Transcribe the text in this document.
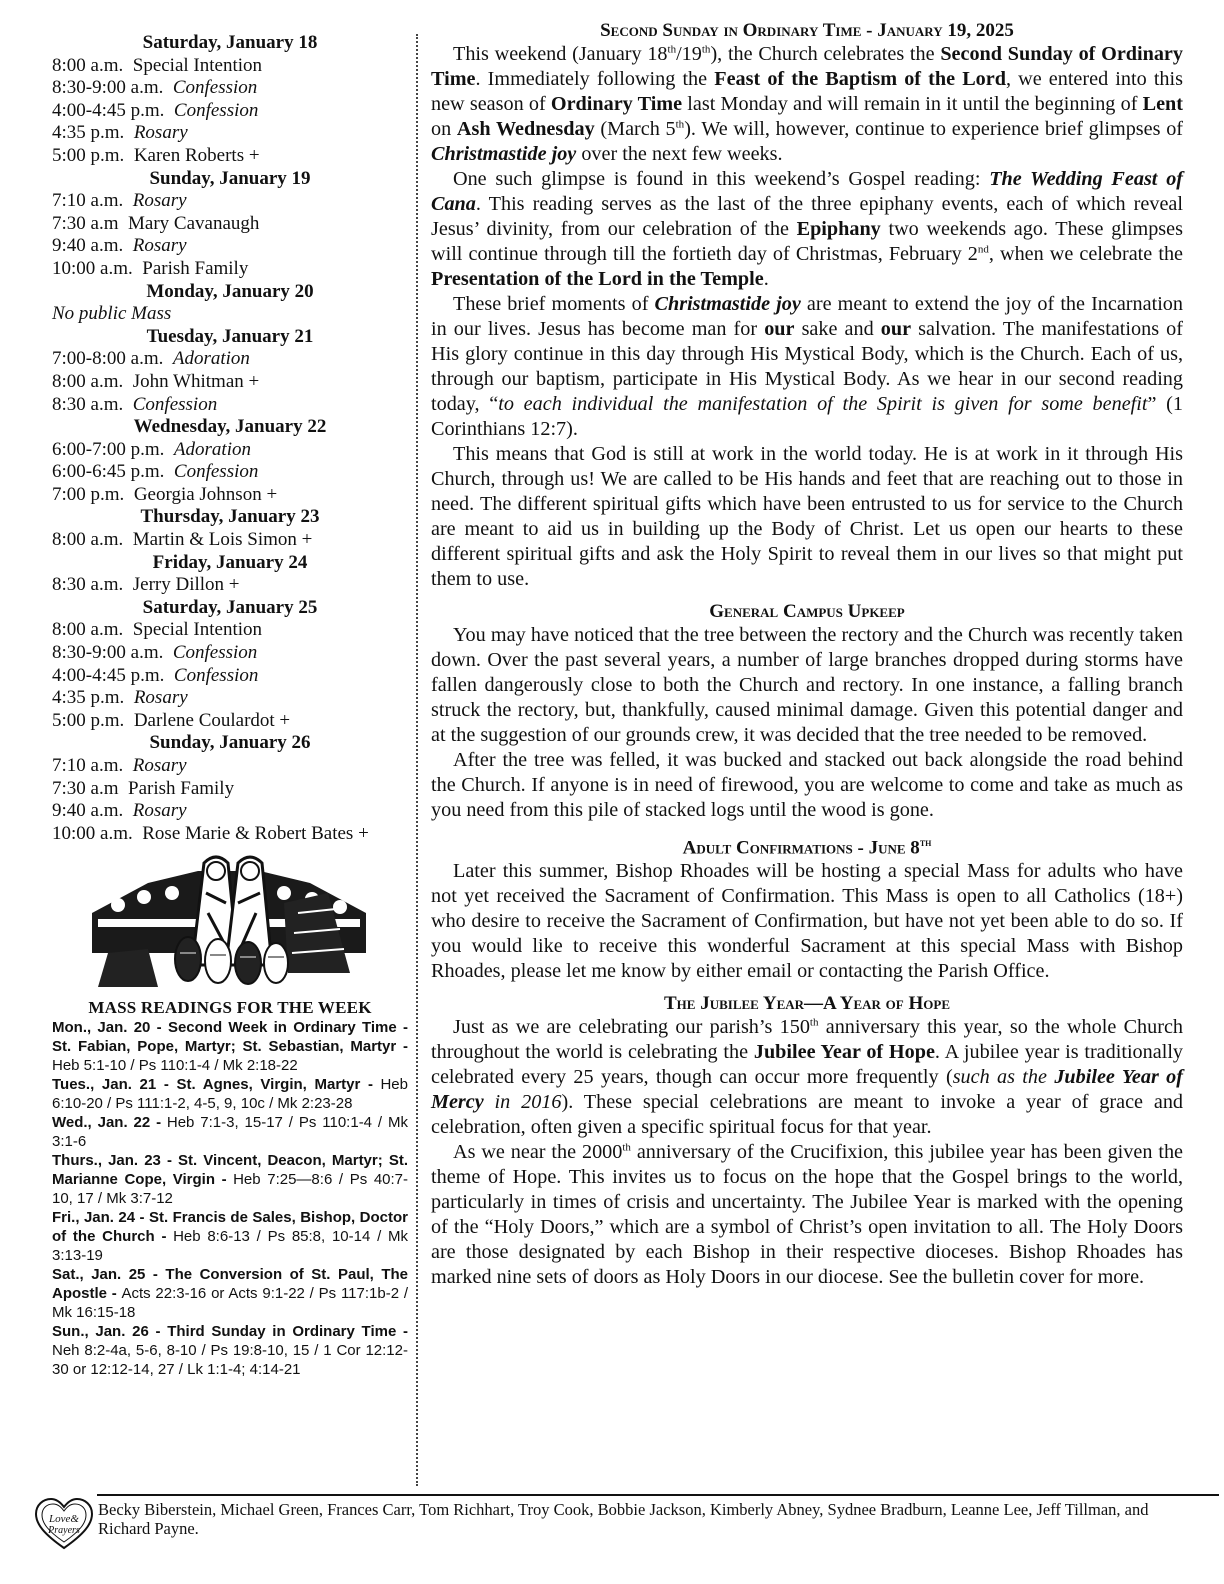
Saturday, January 18
8:00 a.m. Special Intention
8:30-9:00 a.m. Confession
4:00-4:45 p.m. Confession
4:35 p.m. Rosary
5:00 p.m. Karen Roberts +
Sunday, January 19
7:10 a.m. Rosary
7:30 a.m Mary Cavanaugh
9:40 a.m. Rosary
10:00 a.m. Parish Family
Monday, January 20
No public Mass
Tuesday, January 21
7:00-8:00 a.m. Adoration
8:00 a.m. John Whitman +
8:30 a.m. Confession
Wednesday, January 22
6:00-7:00 p.m. Adoration
6:00-6:45 p.m. Confession
7:00 p.m. Georgia Johnson +
Thursday, January 23
8:00 a.m. Martin & Lois Simon +
Friday, January 24
8:30 a.m. Jerry Dillon +
Saturday, January 25
8:00 a.m. Special Intention
8:30-9:00 a.m. Confession
4:00-4:45 p.m. Confession
4:35 p.m. Rosary
5:00 p.m. Darlene Coulardot +
Sunday, January 26
7:10 a.m. Rosary
7:30 a.m Parish Family
9:40 a.m. Rosary
10:00 a.m. Rose Marie & Robert Bates +
MASS READINGS FOR THE WEEK

Mon., Jan. 20 - Second Week in Ordinary Time - St. Fabian, Pope, Martyr; St. Sebastian, Martyr - Heb 5:1-10 / Ps 110:1-4 / Mk 2:18-22

Tues., Jan. 21 - St. Agnes, Virgin, Martyr - Heb 6:10-20 / Ps 111:1-2, 4-5, 9, 10c / Mk 2:23-28

Wed., Jan. 22 - Heb 7:1-3, 15-17 / Ps 110:1-4 / Mk 3:1-6

Thurs., Jan. 23 - St. Vincent, Deacon, Martyr; St. Marianne Cope, Virgin - Heb 7:25—8:6 / Ps 40:7-10, 17 / Mk 3:7-12

Fri., Jan. 24 - St. Francis de Sales, Bishop, Doctor of the Church - Heb 8:6-13 / Ps 85:8, 10-14 / Mk 3:13-19

Sat., Jan. 25 - The Conversion of St. Paul, The Apostle - Acts 22:3-16 or Acts 9:1-22 / Ps 117:1b-2 / Mk 16:15-18

Sun., Jan. 26 - Third Sunday in Ordinary Time - Neh 8:2-4a, 5-6, 8-10 / Ps 19:8-10, 15 / 1 Cor 12:12-30 or 12:12-14, 27 / Lk 1:1-4; 4:14-21

Second Sunday in Ordinary Time - January 19, 2025

This weekend (January 18th/19th), the Church celebrates the Second Sunday of Ordinary Time. Immediately following the Feast of the Baptism of the Lord, we entered into this new season of Ordinary Time last Monday and will remain in it until the beginning of Lent on Ash Wednesday (March 5th). We will, however, continue to experience brief glimpses of Christmastide joy over the next few weeks.

One such glimpse is found in this weekend’s Gospel reading: The Wedding Feast of Cana. This reading serves as the last of the three epiphany events, each of which reveal Jesus’ divinity, from our celebration of the Epiphany two weekends ago. These glimpses will continue through till the fortieth day of Christmas, February 2nd, when we celebrate the Presentation of the Lord in the Temple.

These brief moments of Christmastide joy are meant to extend the joy of the Incarnation in our lives. Jesus has become man for our sake and our salvation. The manifestations of His glory continue in this day through His Mystical Body, which is the Church. Each of us, through our baptism, participate in His Mystical Body. As we hear in our second reading today, “to each individual the manifestation of the Spirit is given for some benefit” (1 Corinthians 12:7).

This means that God is still at work in the world today. He is at work in it through His Church, through us! We are called to be His hands and feet that are reaching out to those in need. The different spiritual gifts which have been entrusted to us for service to the Church are meant to aid us in building up the Body of Christ. Let us open our hearts to these different spiritual gifts and ask the Holy Spirit to reveal them in our lives so that might put them to use.

General Campus Upkeep

You may have noticed that the tree between the rectory and the Church was recently taken down. Over the past several years, a number of large branches dropped during storms have fallen dangerously close to both the Church and rectory. In one instance, a falling branch struck the rectory, but, thankfully, caused minimal damage. Given this potential danger and at the suggestion of our grounds crew, it was decided that the tree needed to be removed.

After the tree was felled, it was bucked and stacked out back alongside the road behind the Church. If anyone is in need of firewood, you are welcome to come and take as much as you need from this pile of stacked logs until the wood is gone.

Adult Confirmations - June 8th

Later this summer, Bishop Rhoades will be hosting a special Mass for adults who have not yet received the Sacrament of Confirmation. This Mass is open to all Catholics (18+) who desire to receive the Sacrament of Confirmation, but have not yet been able to do so. If you would like to receive this wonderful Sacrament at this special Mass with Bishop Rhoades, please let me know by either email or contacting the Parish Office.

The Jubilee Year—A Year of Hope

Just as we are celebrating our parish’s 150th anniversary this year, so the whole Church throughout the world is celebrating the Jubilee Year of Hope. A jubilee year is traditionally celebrated every 25 years, though can occur more frequently (such as the Jubilee Year of Mercy in 2016). These special celebrations are meant to invoke a year of grace and celebration, often given a specific spiritual focus for that year.

As we near the 2000th anniversary of the Crucifixion, this jubilee year has been given the theme of Hope. This invites us to focus on the hope that the Gospel brings to the world, particularly in times of crisis and uncertainty. The Jubilee Year is marked with the opening of the “Holy Doors,” which are a symbol of Christ’s open invitation to all. The Holy Doors are those designated by each Bishop in their respective dioceses. Bishop Rhoades has marked nine sets of doors as Holy Doors in our diocese. See the bulletin cover for more.

Love&
Prayers
Becky Biberstein, Michael Green, Frances Carr, Tom Richhart, Troy Cook, Bobbie Jackson, Kimberly Abney, Sydnee Bradburn, Leanne Lee, Jeff Tillman, and Richard Payne.
